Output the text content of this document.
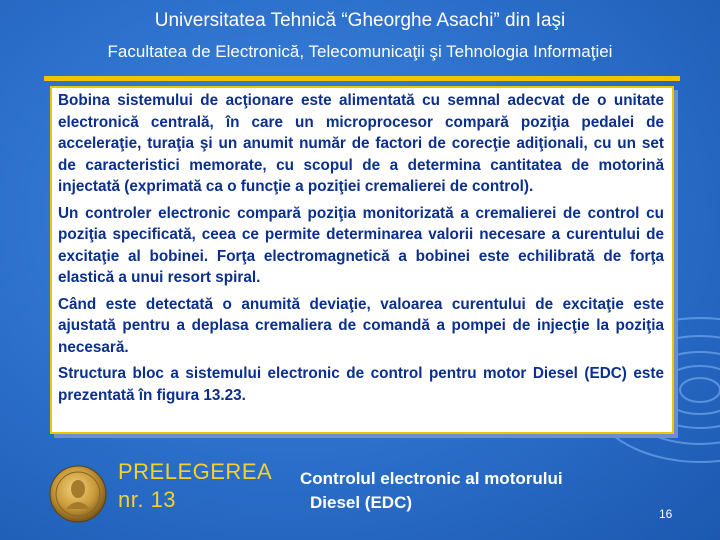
Universitatea Tehnică “Gheorghe Asachi” din Iaşi
Facultatea de Electronică, Telecomunicaţii şi Tehnologia Informaţiei

Bobina sistemului de acţionare este alimentată cu semnal adecvat de o unitate electronică centrală, în care un microprocesor compară poziţia pedalei de acceleraţie, turaţia şi un anumit număr de factori de corecţie adiţionali, cu un set de caracteristici memorate, cu scopul de a determina cantitatea de motorină injectată (exprimată ca o funcţie a poziţiei cremalierei de control).

Un controler electronic compară poziţia monitorizată a cremalierei de control cu poziţia specificată, ceea ce permite determinarea valorii necesare a curentului de excitaţie al bobinei. Forţa electromagnetică a bobinei este echilibrată de forţa elastică a unui resort spiral.

Când este detectată o anumită deviaţie, valoarea curentului de excitaţie este ajustată pentru a deplasa cremaliera de comandă a pompei de injecţie la poziţia necesară.

Structura bloc a sistemului electronic de control pentru motor Diesel (EDC) este prezentată în figura 13.23.

PRELEGEREA
nr. 13
Controlul electronic al motorului
Diesel (EDC)
16
